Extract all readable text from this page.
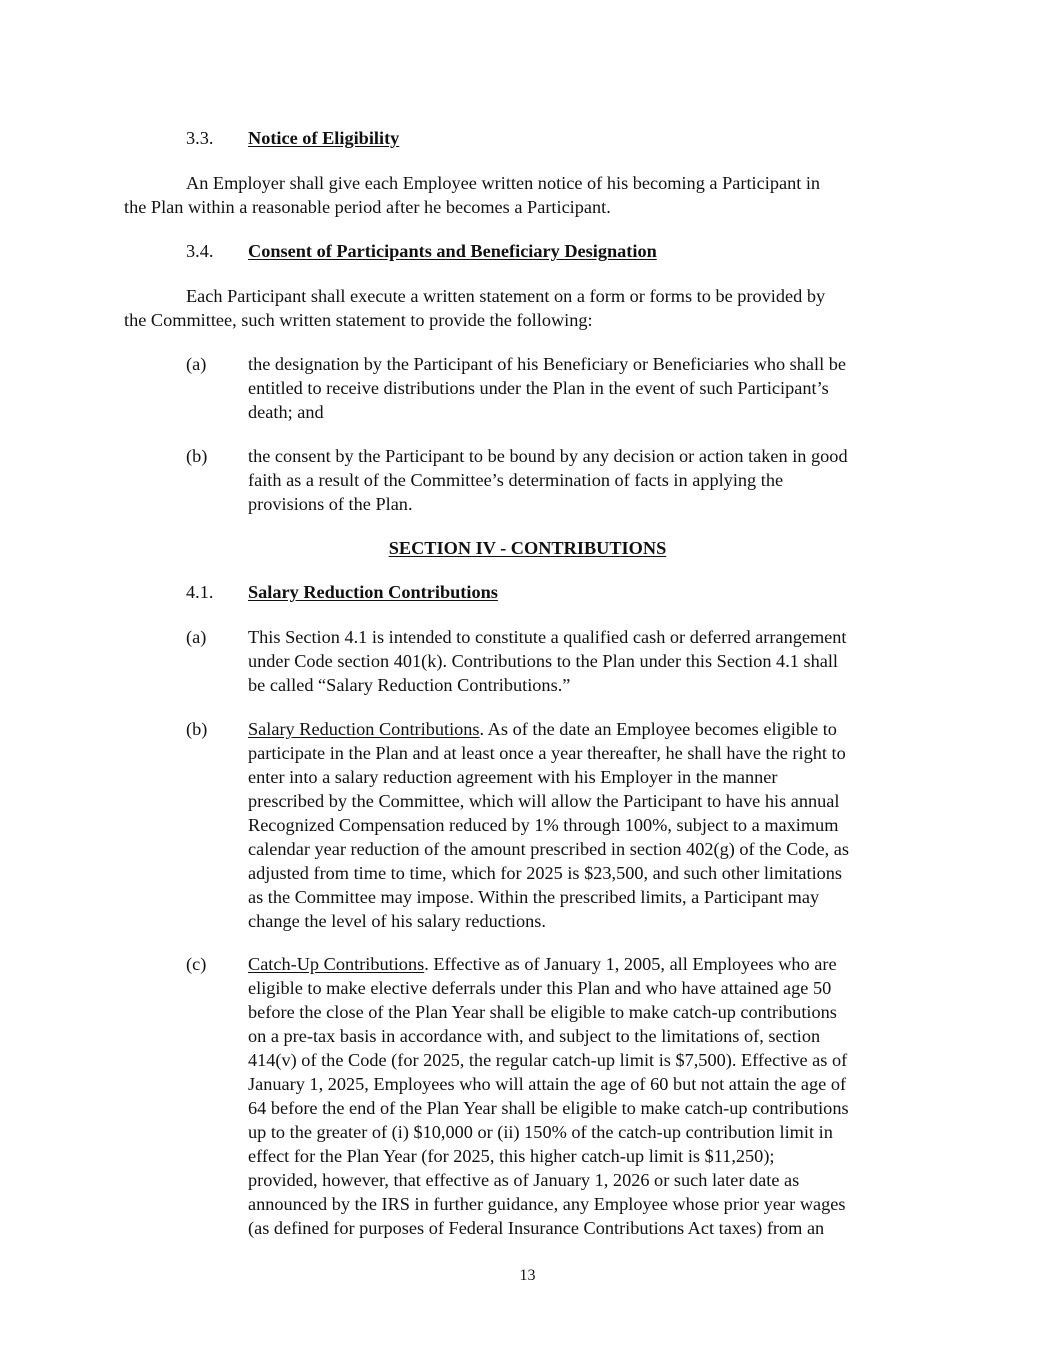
3.3. Notice of Eligibility
An Employer shall give each Employee written notice of his becoming a Participant in
the Plan within a reasonable period after he becomes a Participant.
3.4. Consent of Participants and Beneficiary Designation
Each Participant shall execute a written statement on a form or forms to be provided by
the Committee, such written statement to provide the following:
(a) the designation by the Participant of his Beneficiary or Beneficiaries who shall be
entitled to receive distributions under the Plan in the event of such Participant’s
death; and
(b) the consent by the Participant to be bound by any decision or action taken in good
faith as a result of the Committee’s determination of facts in applying the
provisions of the Plan.
SECTION IV - CONTRIBUTIONS
4.1. Salary Reduction Contributions
(a) This Section 4.1 is intended to constitute a qualified cash or deferred arrangement
under Code section 401(k). Contributions to the Plan under this Section 4.1 shall
be called “Salary Reduction Contributions.”
(b) Salary Reduction Contributions. As of the date an Employee becomes eligible to
participate in the Plan and at least once a year thereafter, he shall have the right to
enter into a salary reduction agreement with his Employer in the manner
prescribed by the Committee, which will allow the Participant to have his annual
Recognized Compensation reduced by 1% through 100%, subject to a maximum
calendar year reduction of the amount prescribed in section 402(g) of the Code, as
adjusted from time to time, which for 2025 is $23,500, and such other limitations
as the Committee may impose. Within the prescribed limits, a Participant may
change the level of his salary reductions.
(c) Catch-Up Contributions. Effective as of January 1, 2005, all Employees who are
eligible to make elective deferrals under this Plan and who have attained age 50
before the close of the Plan Year shall be eligible to make catch-up contributions
on a pre-tax basis in accordance with, and subject to the limitations of, section
414(v) of the Code (for 2025, the regular catch-up limit is $7,500). Effective as of
January 1, 2025, Employees who will attain the age of 60 but not attain the age of
64 before the end of the Plan Year shall be eligible to make catch-up contributions
up to the greater of (i) $10,000 or (ii) 150% of the catch-up contribution limit in
effect for the Plan Year (for 2025, this higher catch-up limit is $11,250);
provided, however, that effective as of January 1, 2026 or such later date as
announced by the IRS in further guidance, any Employee whose prior year wages
(as defined for purposes of Federal Insurance Contributions Act taxes) from an
13
